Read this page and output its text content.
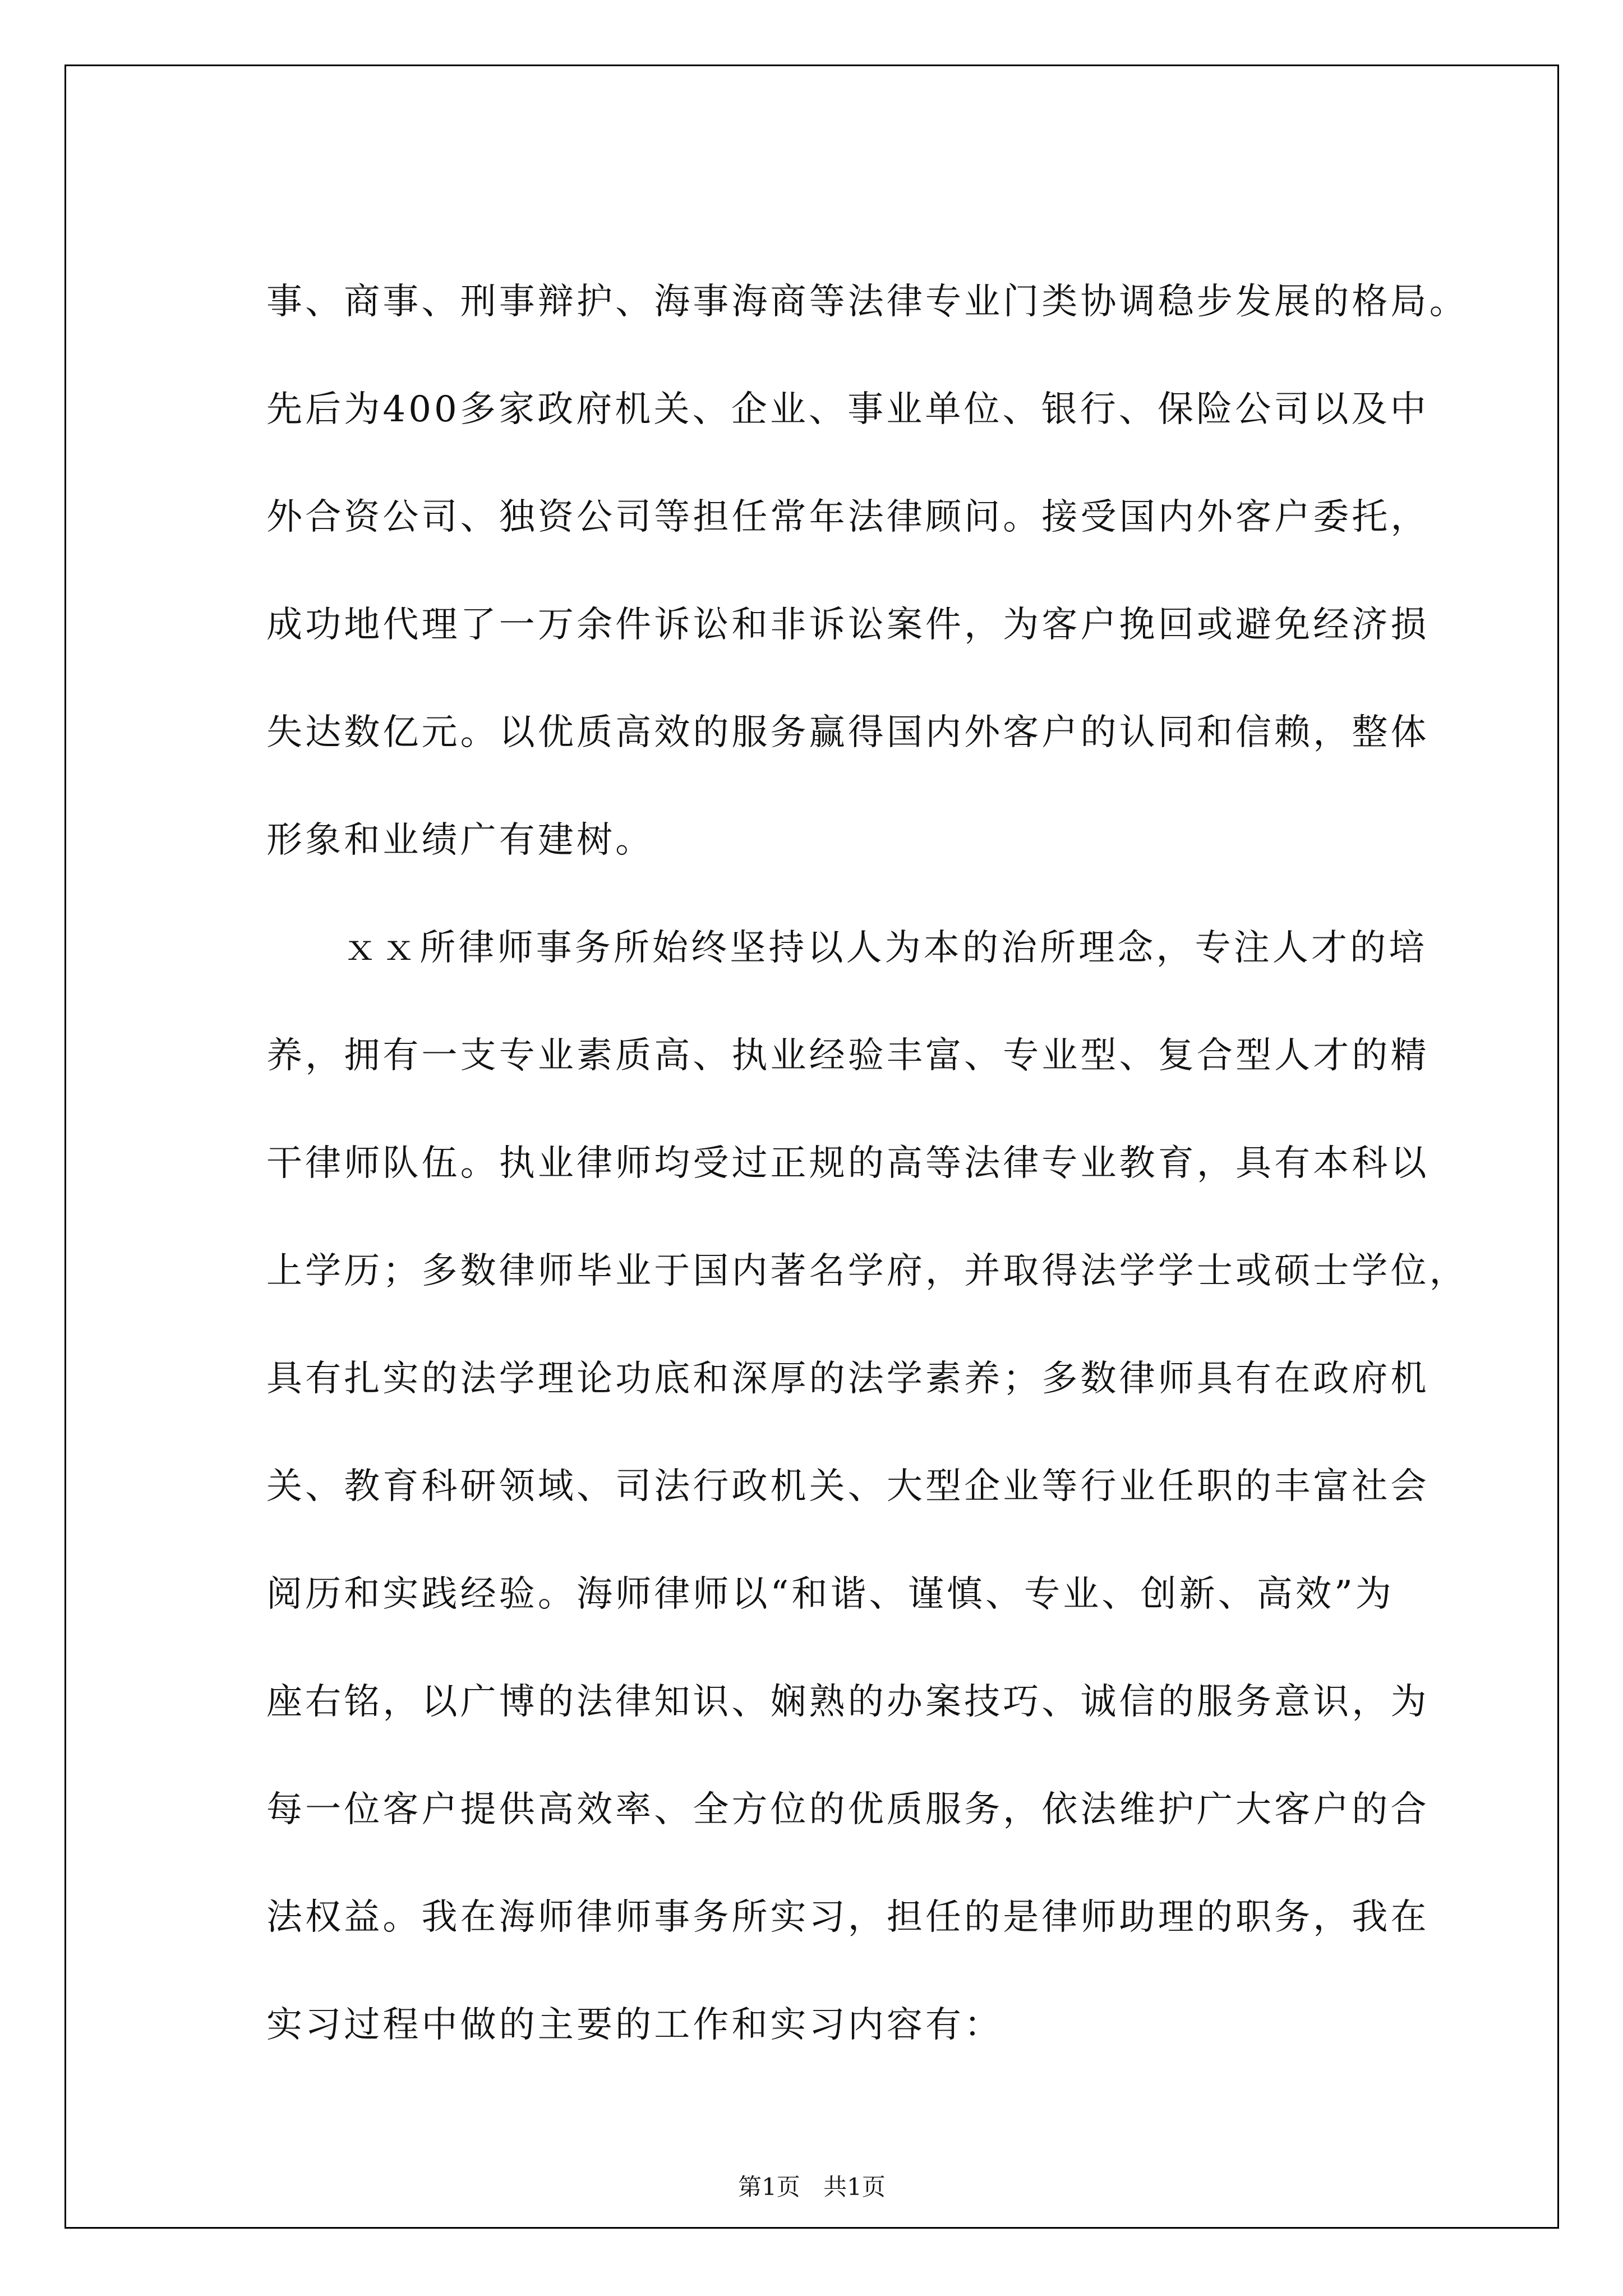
事、商事、刑事辩护、海事海商等法律专业门类协调稳步发展的格局。
先后为400多家政府机关、企业、事业单位、银行、保险公司以及中
外合资公司、独资公司等担任常年法律顾问。接受国内外客户委托，
成功地代理了一万余件诉讼和非诉讼案件，为客户挽回或避免经济损
失达数亿元。以优质高效的服务赢得国内外客户的认同和信赖，整体
形象和业绩广有建树。
ｘｘ所律师事务所始终坚持以人为本的治所理念，专注人才的培
养，拥有一支专业素质高、执业经验丰富、专业型、复合型人才的精
干律师队伍。执业律师均受过正规的高等法律专业教育，具有本科以
上学历；多数律师毕业于国内著名学府，并取得法学学士或硕士学位，
具有扎实的法学理论功底和深厚的法学素养；多数律师具有在政府机
关、教育科研领域、司法行政机关、大型企业等行业任职的丰富社会
阅历和实践经验。海师律师以“和谐、谨慎、专业、创新、高效”为
座右铭，以广博的法律知识、娴熟的办案技巧、诚信的服务意识，为
每一位客户提供高效率、全方位的优质服务，依法维护广大客户的合
法权益。我在海师律师事务所实习，担任的是律师助理的职务，我在
实习过程中做的主要的工作和实习内容有：
第1页 共1页
